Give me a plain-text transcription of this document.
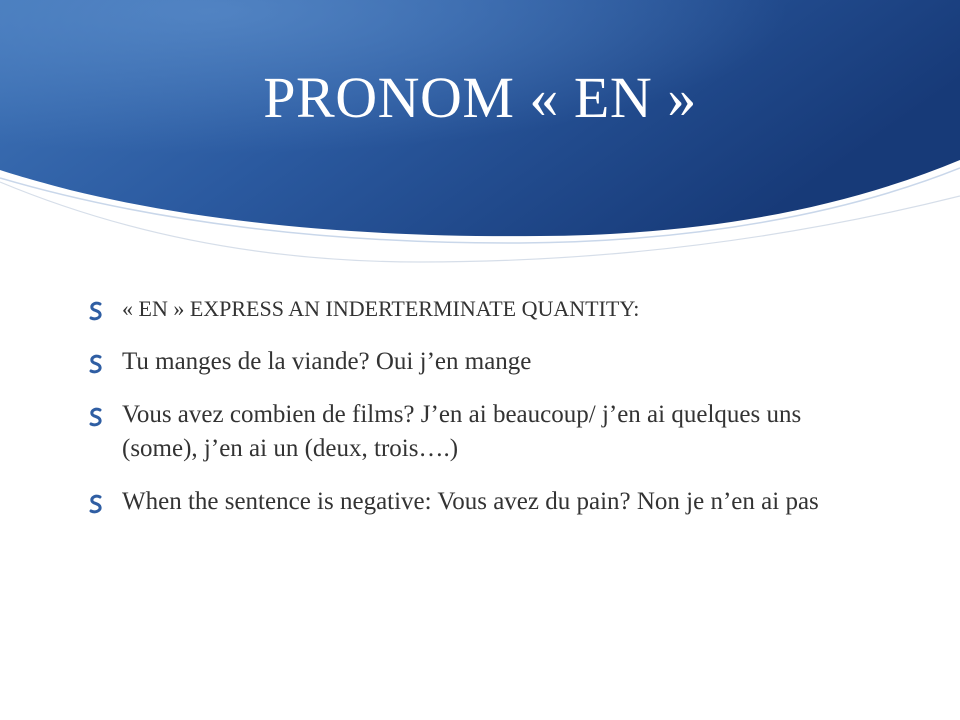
PRONOM « EN »
« EN » EXPRESS AN INDERTERMINATE QUANTITY:
Tu manges de la viande? Oui j’en mange
Vous avez combien de films? J’en ai beaucoup/ j’en ai quelques uns (some), j’en ai un (deux, trois….)
When the sentence is negative: Vous avez du pain? Non je n’en ai pas
